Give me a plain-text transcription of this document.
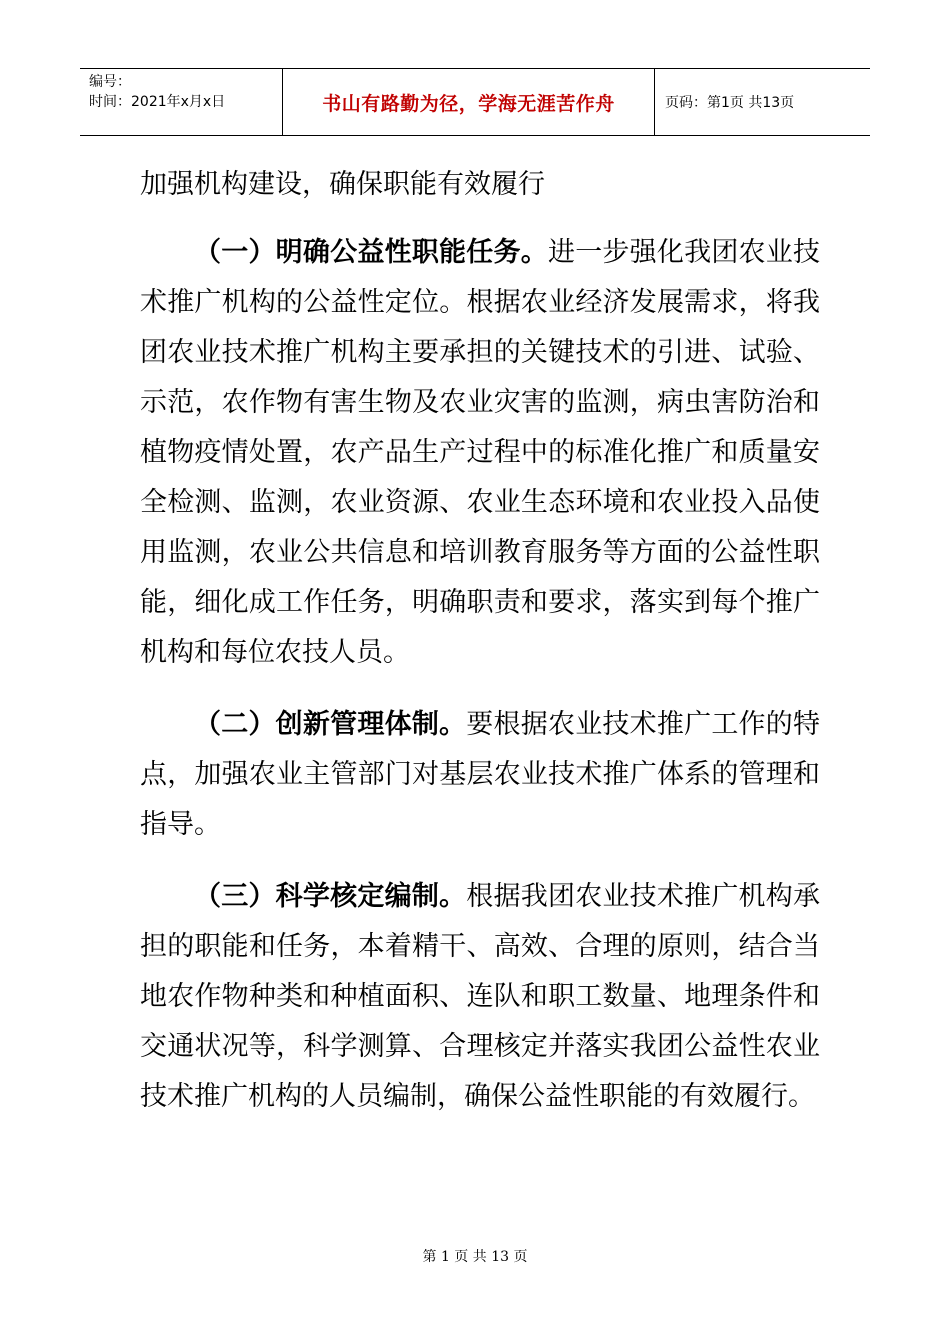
编号：
时间：2021年x月x日	书山有路勤为径，学海无涯苦作舟	页码：第1页 共13页

加强机构建设，确保职能有效履行

（一）明确公益性职能任务。进一步强化我团农业技术推广机构的公益性定位。根据农业经济发展需求，将我团农业技术推广机构主要承担的关键技术的引进、试验、示范，农作物有害生物及农业灾害的监测，病虫害防治和植物疫情处置，农产品生产过程中的标准化推广和质量安全检测、监测，农业资源、农业生态环境和农业投入品使用监测，农业公共信息和培训教育服务等方面的公益性职能，细化成工作任务，明确职责和要求，落实到每个推广机构和每位农技人员。

（二）创新管理体制。要根据农业技术推广工作的特点，加强农业主管部门对基层农业技术推广体系的管理和指导。

（三）科学核定编制。根据我团农业技术推广机构承担的职能和任务，本着精干、高效、合理的原则，结合当地农作物种类和种植面积、连队和职工数量、地理条件和交通状况等，科学测算、合理核定并落实我团公益性农业技术推广机构的人员编制，确保公益性职能的有效履行。

第 1 页 共 13 页
